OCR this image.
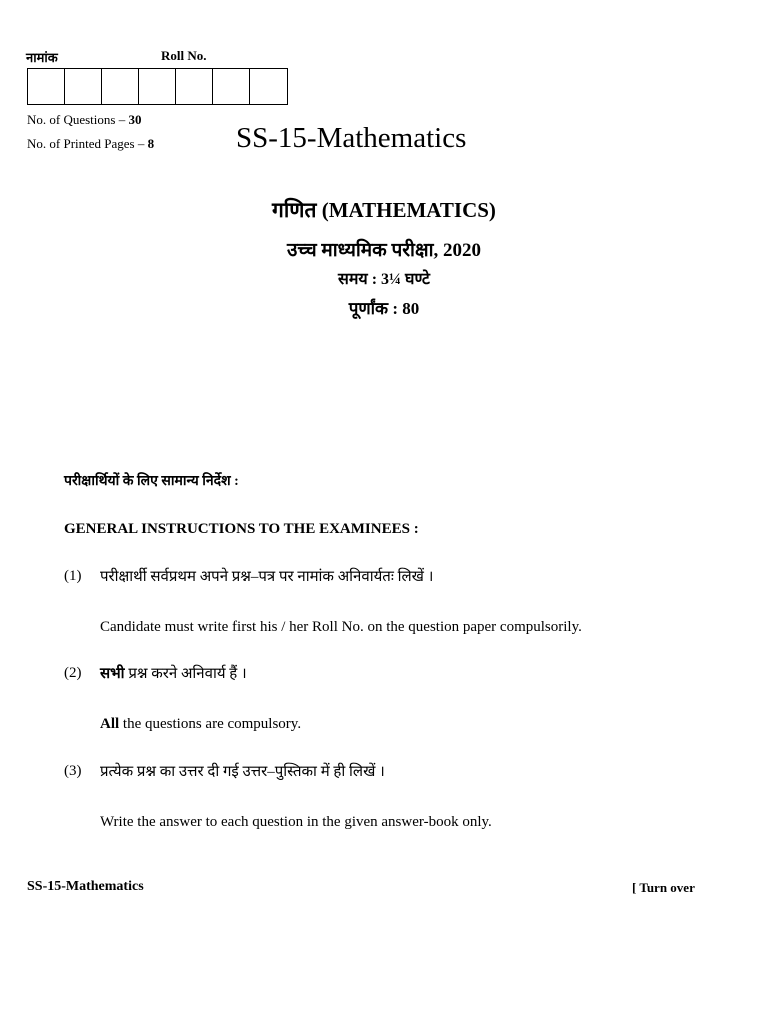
नामांक	Roll No.
No. of Questions – 30
No. of Printed Pages – 8	SS-15-Mathematics
गणित (MATHEMATICS)
उच्च माध्यमिक परीक्षा, 2020
समय : 3¼ घण्टे
पूर्णांक : 80
परीक्षार्थियों के लिए सामान्य निर्देश :
GENERAL INSTRUCTIONS TO THE EXAMINEES :
(1) परीक्षार्थी सर्वप्रथम अपने प्रश्न–पत्र पर नामांक अनिवार्यतः लिखें ।
Candidate must write first his / her Roll No. on the question paper compulsorily.
(2) सभी प्रश्न करने अनिवार्य हैं ।
All the questions are compulsory.
(3) प्रत्येक प्रश्न का उत्तर दी गई उत्तर–पुस्तिका में ही लिखें ।
Write the answer to each question in the given answer-book only.
SS-15-Mathematics	[ Turn over
